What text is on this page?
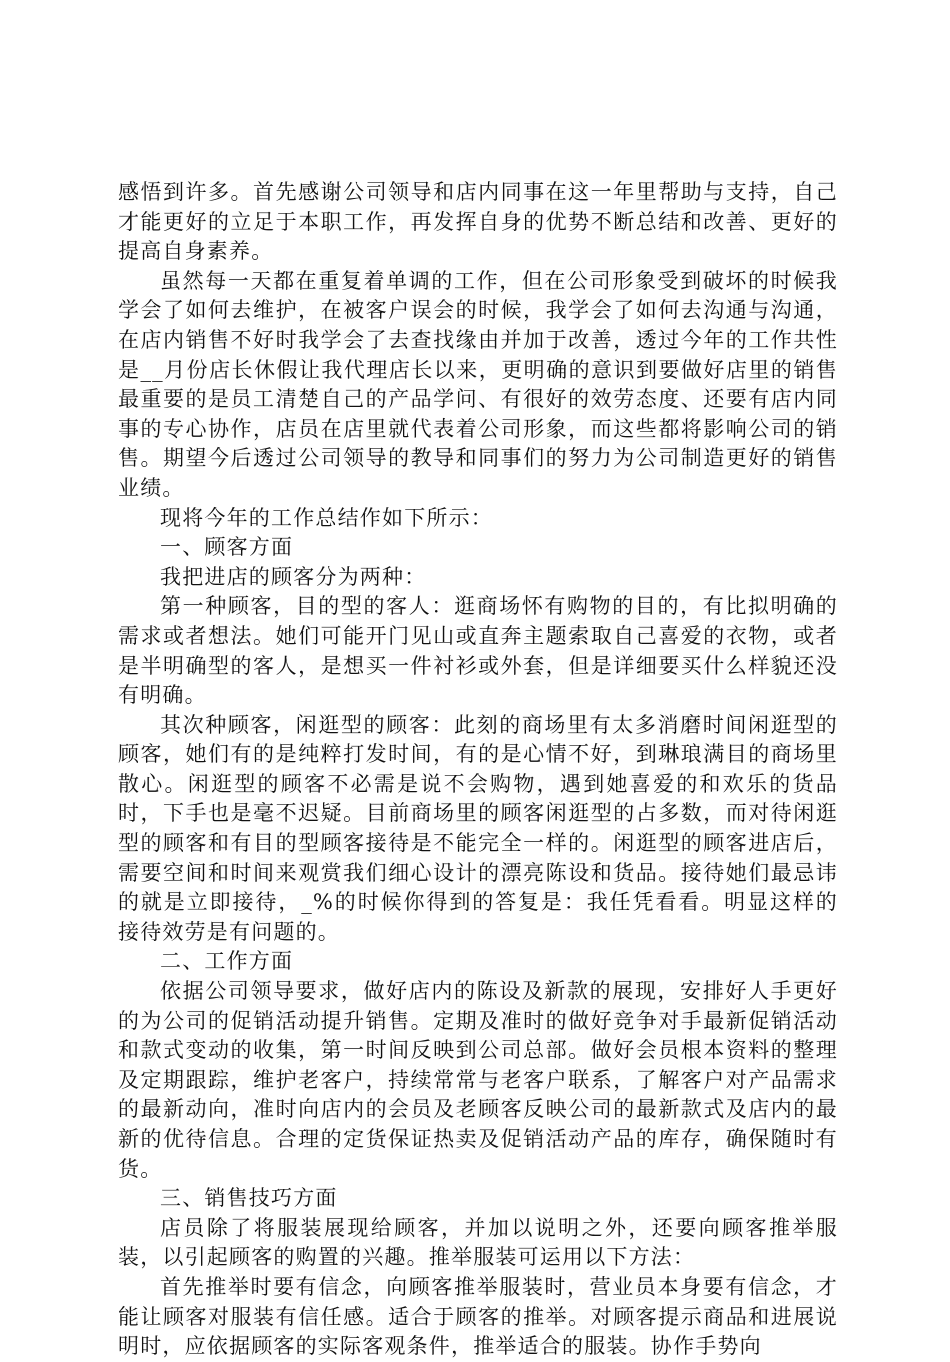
感悟到许多。首先感谢公司领导和店内同事在这一年里帮助与支持，自己才能更好的立足于本职工作，再发挥自身的优势不断总结和改善、更好的提高自身素养。

虽然每一天都在重复着单调的工作，但在公司形象受到破坏的时候我学会了如何去维护，在被客户误会的时候，我学会了如何去沟通与沟通，在店内销售不好时我学会了去查找缘由并加于改善，透过今年的工作共性是__月份店长休假让我代理店长以来，更明确的意识到要做好店里的销售最重要的是员工清楚自己的产品学问、有很好的效劳态度、还要有店内同事的专心协作，店员在店里就代表着公司形象，而这些都将影响公司的销售。期望今后透过公司领导的教导和同事们的努力为公司制造更好的销售业绩。

现将今年的工作总结作如下所示：

一、顾客方面

我把进店的顾客分为两种：

第一种顾客，目的型的客人：逛商场怀有购物的目的，有比拟明确的需求或者想法。她们可能开门见山或直奔主题索取自己喜爱的衣物，或者是半明确型的客人，是想买一件衬衫或外套，但是详细要买什么样貌还没有明确。

其次种顾客，闲逛型的顾客：此刻的商场里有太多消磨时间闲逛型的顾客，她们有的是纯粹打发时间，有的是心情不好，到琳琅满目的商场里散心。闲逛型的顾客不必需是说不会购物，遇到她喜爱的和欢乐的货品时，下手也是毫不迟疑。目前商场里的顾客闲逛型的占多数，而对待闲逛型的顾客和有目的型顾客接待是不能完全一样的。闲逛型的顾客进店后，需要空间和时间来观赏我们细心设计的漂亮陈设和货品。接待她们最忌讳的就是立即接待，_%的时候你得到的答复是：我任凭看看。明显这样的接待效劳是有问题的。

二、工作方面

依据公司领导要求，做好店内的陈设及新款的展现，安排好人手更好的为公司的促销活动提升销售。定期及准时的做好竞争对手最新促销活动和款式变动的收集，第一时间反映到公司总部。做好会员根本资料的整理及定期跟踪，维护老客户，持续常常与老客户联系，了解客户对产品需求的最新动向，准时向店内的会员及老顾客反映公司的最新款式及店内的最新的优待信息。合理的定货保证热卖及促销活动产品的库存，确保随时有货。

三、销售技巧方面

店员除了将服装展现给顾客，并加以说明之外，还要向顾客推举服装，以引起顾客的购置的兴趣。推举服装可运用以下方法：

首先推举时要有信念，向顾客推举服装时，营业员本身要有信念，才能让顾客对服装有信任感。适合于顾客的推举。对顾客提示商品和进展说明时，应依据顾客的实际客观条件，推举适合的服装。协作手势向
